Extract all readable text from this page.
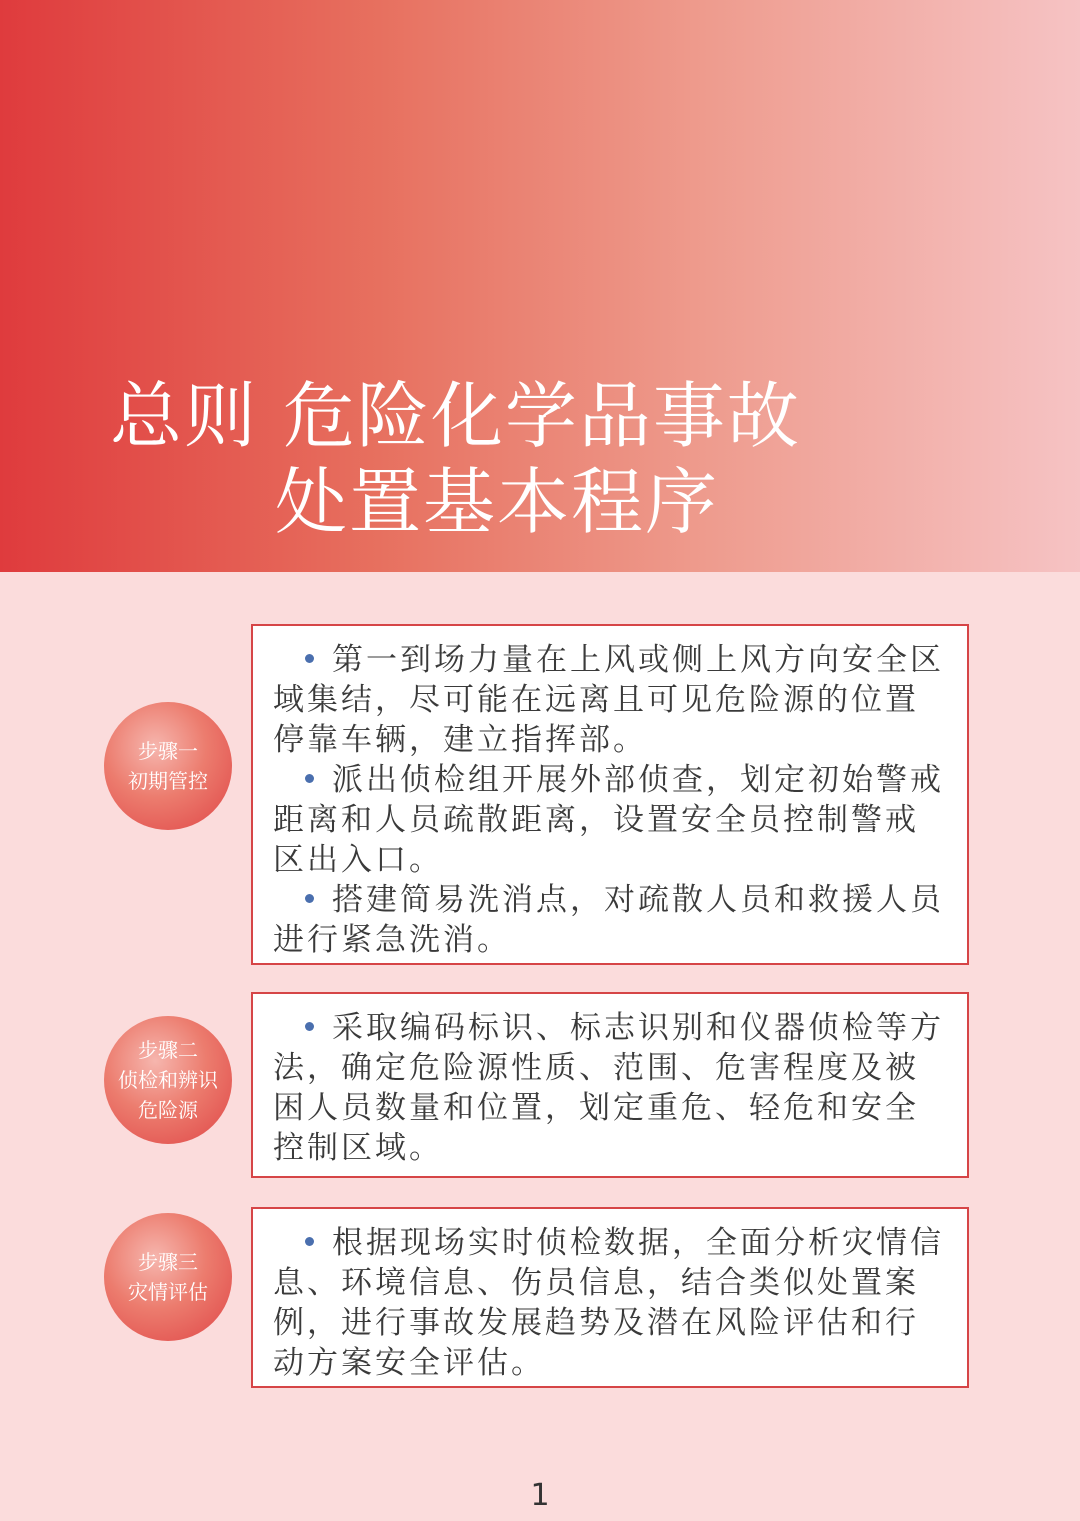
总则 危险化学品事故
处置基本程序
步骤一
初期管控

第一到场力量在上风或侧上风方向安全区域集结，尽可能在远离且可见危险源的位置停靠车辆，建立指挥部。

派出侦检组开展外部侦查，划定初始警戒距离和人员疏散距离，设置安全员控制警戒区出入口。

搭建简易洗消点，对疏散人员和救援人员进行紧急洗消。

步骤二
侦检和辨识
危险源

采取编码标识、标志识别和仪器侦检等方法，确定危险源性质、范围、危害程度及被困人员数量和位置，划定重危、轻危和安全控制区域。

步骤三
灾情评估

根据现场实时侦检数据，全面分析灾情信息、环境信息、伤员信息，结合类似处置案例，进行事故发展趋势及潜在风险评估和行动方案安全评估。

1
